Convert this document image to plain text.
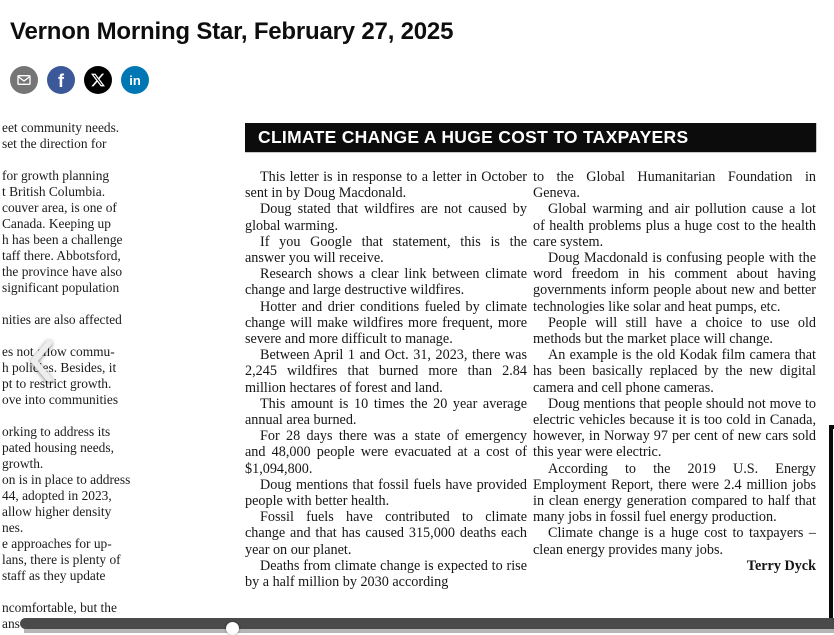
Vernon Morning Star, February 27, 2025
f	in
eet community needs.
set the direction for
for growth planning
t British Columbia.
couver area, is one of
Canada. Keeping up
h has been a challenge
taff there. Abbotsford,
the province have also
significant population
nities are also affected
es not allow commu-
h policies. Besides, it
pt to restrict growth.
ove into communities
orking to address its
pated housing needs,
growth.
on is in place to address
44, adopted in 2023,
allow higher density
nes.
e approaches for up-
lans, there is plenty of
staff as they update
ncomfortable, but the
ans
CLIMATE CHANGE A HUGE COST TO TAXPAYERS
This letter is in response to a letter in October sent in by Doug Macdonald.
Doug stated that wildfires are not caused by global warming.
If you Google that statement, this is the answer you will receive.
Research shows a clear link between climate change and large destructive wildfires.
Hotter and drier conditions fueled by climate change will make wildfires more frequent, more severe and more difficult to manage.
Between April 1 and Oct. 31, 2023, there was 2,245 wildfires that burned more than 2.84 million hectares of forest and land.
This amount is 10 times the 20 year average annual area burned.
For 28 days there was a state of emergency and 48,000 people were evacuated at a cost of $1,094,800.
Doug mentions that fossil fuels have provided people with better health.
Fossil fuels have contributed to climate change and that has caused 315,000 deaths each year on our planet.
Deaths from climate change is expected to rise by a half million by 2030 according
to the Global Humanitarian Foundation in Geneva.
Global warming and air pollution cause a lot of health problems plus a huge cost to the health care system.
Doug Macdonald is confusing people with the word freedom in his comment about having governments inform people about new and better technologies like solar and heat pumps, etc.
People will still have a choice to use old methods but the market place will change.
An example is the old Kodak film camera that has been basically replaced by the new digital camera and cell phone cameras.
Doug mentions that people should not move to electric vehicles because it is too cold in Canada, however, in Norway 97 per cent of new cars sold this year were electric.
According to the 2019 U.S. Energy Employment Report, there were 2.4 million jobs in clean energy generation compared to half that many jobs in fossil fuel energy production.
Climate change is a huge cost to taxpayers – clean energy provides many jobs.
Terry Dyck
